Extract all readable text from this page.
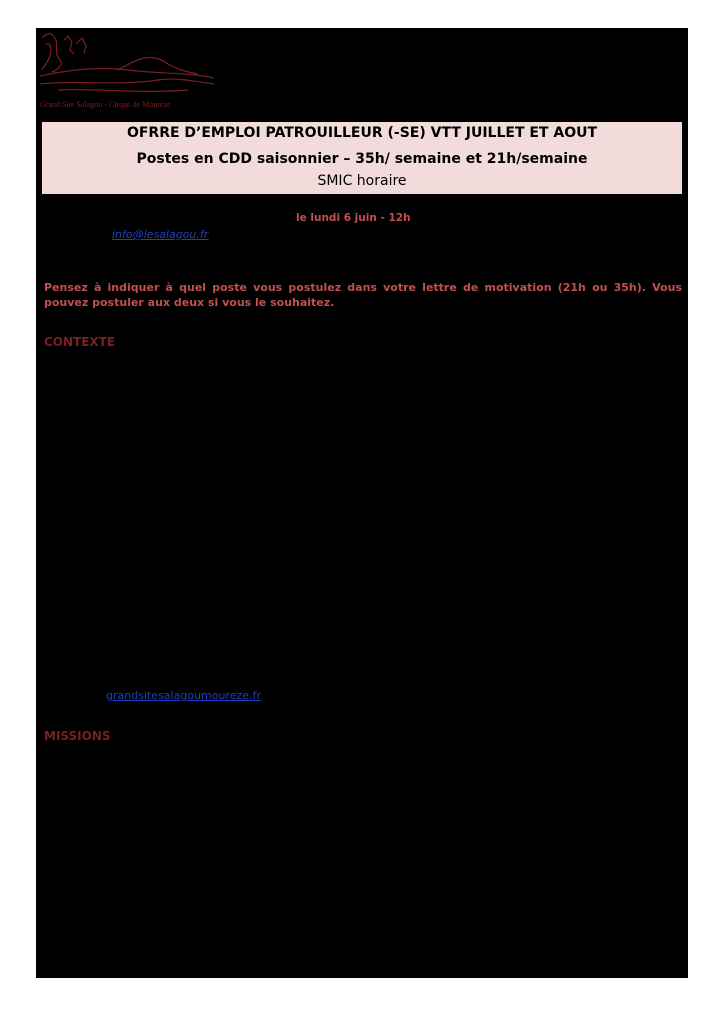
Grand Site Salagou - Cirque de Mourèze
OFRRE D’EMPLOI PATROUILLEUR (-SE) VTT JUILLET ET AOUT
Postes en CDD saisonnier – 35h/ semaine et 21h/semaine
SMIC horaire
le lundi 6 juin - 12h
info@lesalagou.fr
Pensez à indiquer à quel poste vous postulez dans votre lettre de motivation (21h ou 35h). Vous pouvez postuler aux deux si vous le souhaitez.
CONTEXTE
grandsitesalagoumoureze.fr
MISSIONS
